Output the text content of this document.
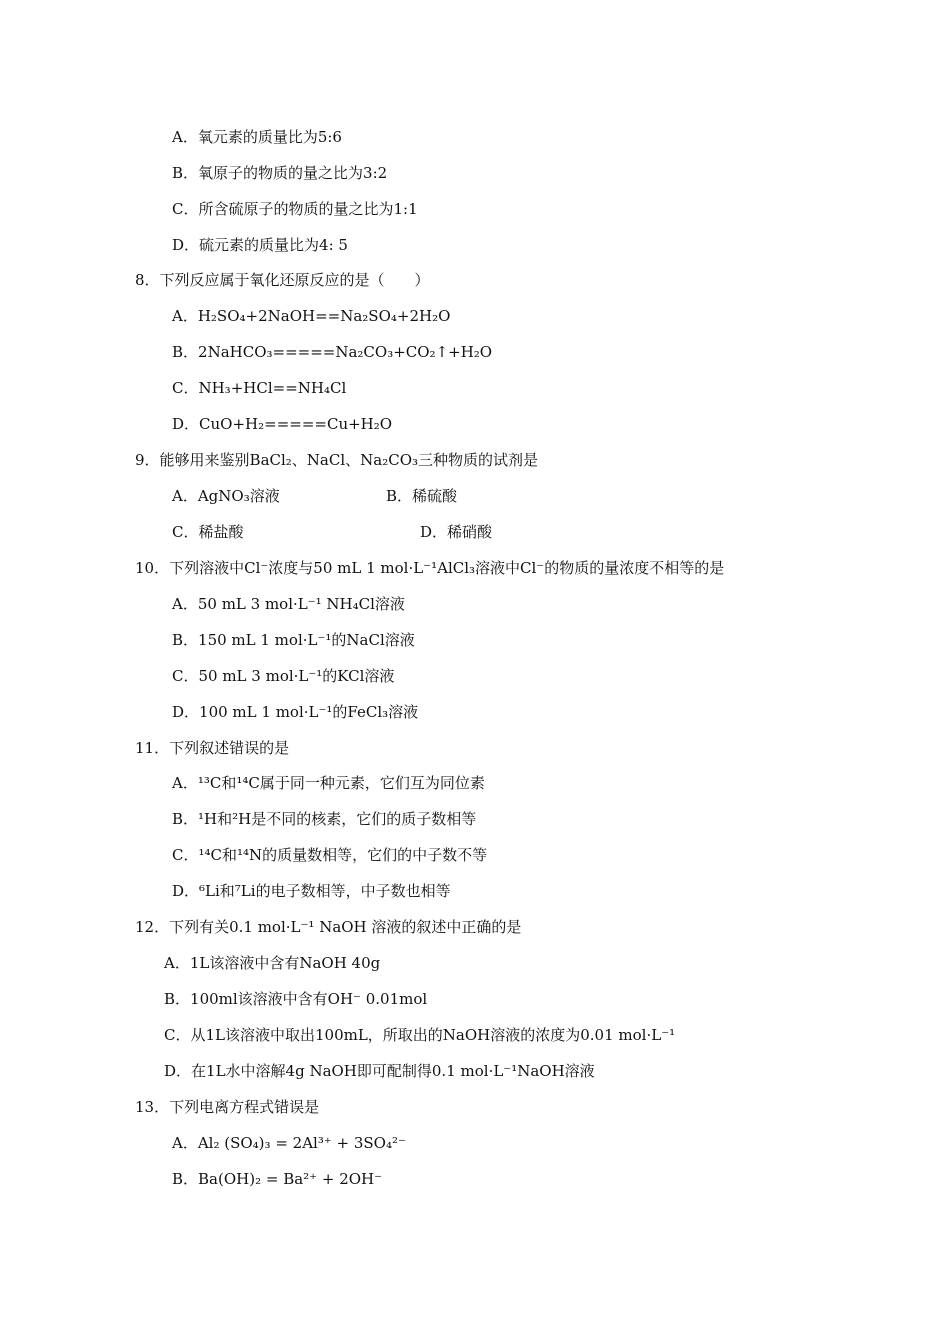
A．氧元素的质量比为5:6
B．氧原子的物质的量之比为3:2
C．所含硫原子的物质的量之比为1:1
D．硫元素的质量比为4: 5
8．下列反应属于氧化还原反应的是（　　）
A．H₂SO₄+2NaOH==Na₂SO₄+2H₂O
B．2NaHCO₃=====Na₂CO₃+CO₂↑+H₂O
C．NH₃+HCl==NH₄Cl
D．CuO+H₂=====Cu+H₂O
9．能够用来鉴别BaCl₂、NaCl、Na₂CO₃三种物质的试剂是
A．AgNO₃溶液	B．稀硫酸
C．稀盐酸	D．稀硝酸
10．下列溶液中Cl⁻浓度与50 mL 1 mol·L⁻¹AlCl₃溶液中Cl⁻的物质的量浓度不相等的是
A．50 mL 3 mol·L⁻¹ NH₄Cl溶液
B．150 mL 1 mol·L⁻¹的NaCl溶液
C．50 mL 3 mol·L⁻¹的KCl溶液
D．100 mL 1 mol·L⁻¹的FeCl₃溶液
11．下列叙述错误的是
A．¹³C和¹⁴C属于同一种元素，它们互为同位素
B．¹H和²H是不同的核素，它们的质子数相等
C．¹⁴C和¹⁴N的质量数相等，它们的中子数不等
D．⁶Li和⁷Li的电子数相等，中子数也相等
12．下列有关0.1 mol·L⁻¹ NaOH 溶液的叙述中正确的是
A．1L该溶液中含有NaOH 40g
B．100ml该溶液中含有OH⁻ 0.01mol
C．从1L该溶液中取出100mL，所取出的NaOH溶液的浓度为0.01 mol·L⁻¹
D．在1L水中溶解4g NaOH即可配制得0.1 mol·L⁻¹NaOH溶液
13．下列电离方程式错误是
A．Al₂ (SO₄)₃ = 2Al³⁺ + 3SO₄²⁻
B．Ba(OH)₂ = Ba²⁺ + 2OH⁻
